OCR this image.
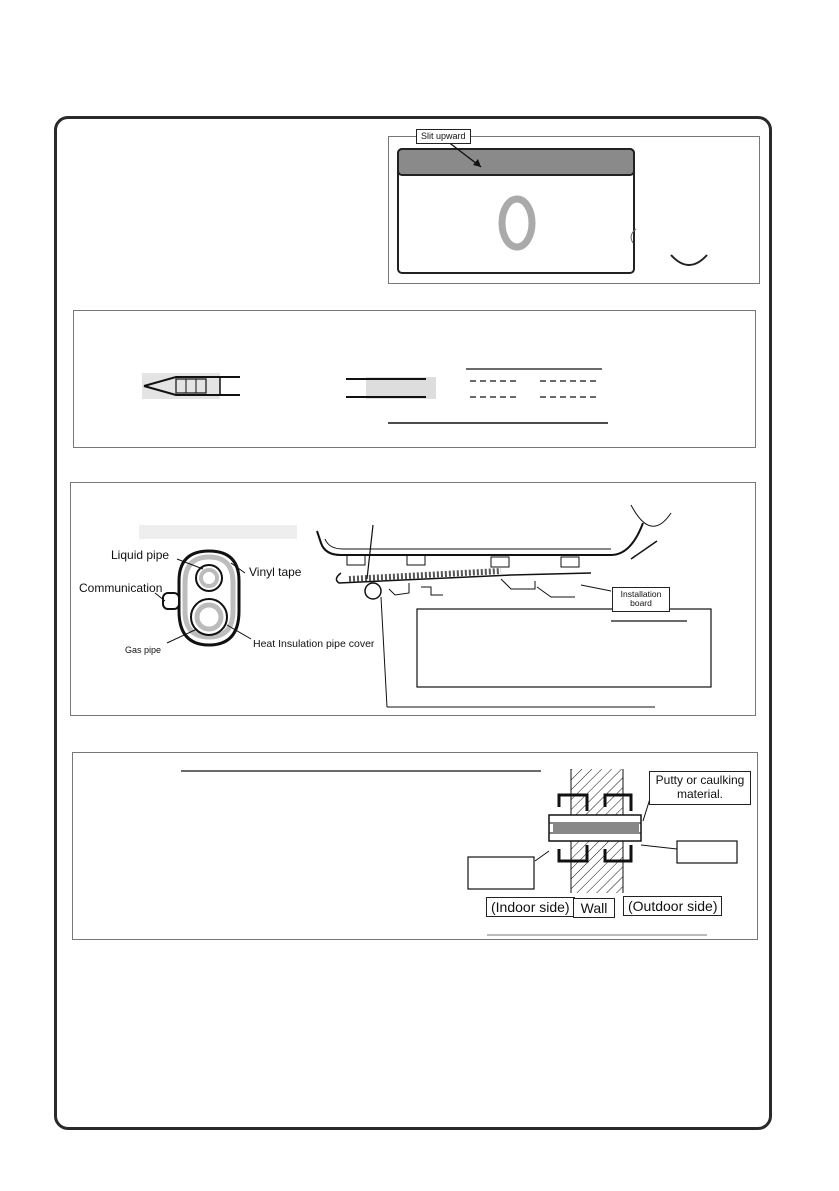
Slit upward
Liquid pipe
Vinyl tape
Communication
Gas pipe	Heat Insulation pipe cover
Installation board
Putty or caulking material.
(Indoor side) Wall	(Outdoor side)
